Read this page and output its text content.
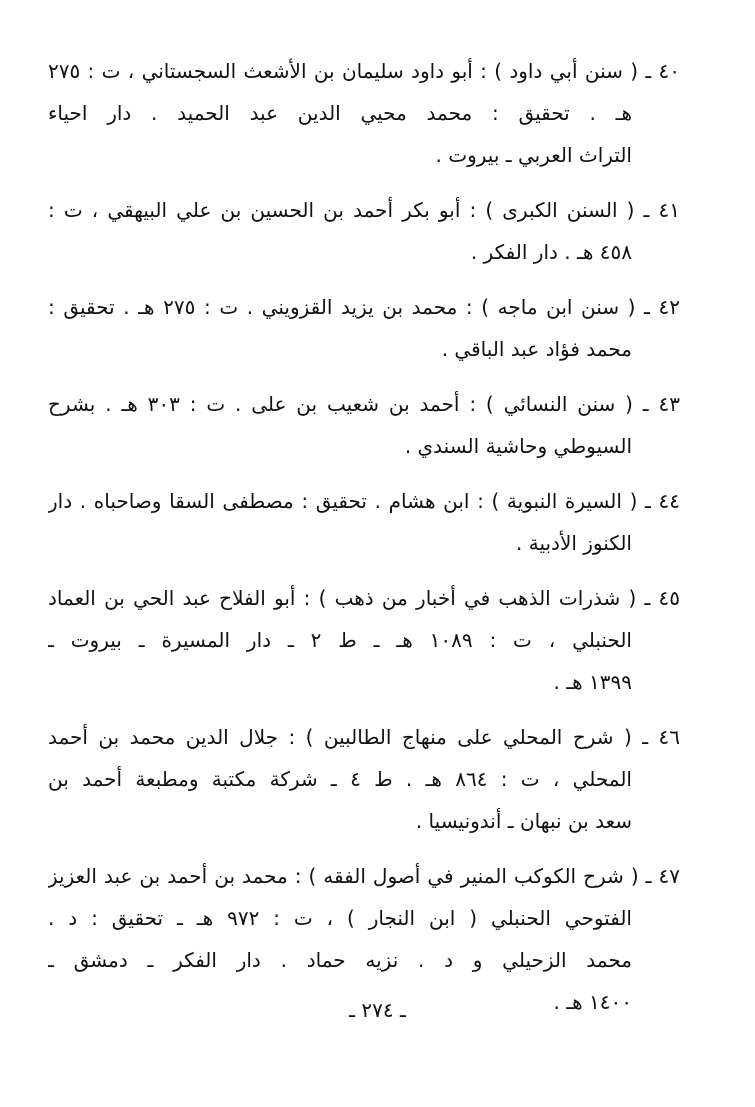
٤٠ ـ ( سنن أبي داود ) : أبو داود سليمان بن الأشعث السجستاني ، ت : ٢٧٥
هـ . تحقيق : محمد محيي الدين عبد الحميد . دار احياء
التراث العربي ـ بيروت .
٤١ ـ ( السنن الكبرى ) : أبو بكر أحمد بن الحسين بن علي البيهقي ، ت :
٤٥٨ هـ . دار الفكر .
٤٢ ـ ( سنن ابن ماجه ) : محمد بن يزيد القزويني . ت : ٢٧٥ هـ . تحقيق :
محمد فؤاد عبد الباقي .
٤٣ ـ ( سنن النسائي ) : أحمد بن شعيب بن على . ت : ٣٠٣ هـ . بشرح
السيوطي وحاشية السندي .
٤٤ ـ ( السيرة النبوية ) : ابن هشام . تحقيق : مصطفى السقا وصاحباه . دار
الكنوز الأدبية .
٤٥ ـ ( شذرات الذهب في أخبار من ذهب ) : أبو الفلاح عبد الحي بن العماد
الحنبلي ، ت : ١٠٨٩ هـ ـ ط ٢ ـ دار المسيرة ـ بيروت ـ
١٣٩٩ هـ .
٤٦ ـ ( شرح المحلي على منهاج الطالبين ) : جلال الدين محمد بن أحمد
المحلي ، ت : ٨٦٤ هـ . ط ٤ ـ شركة مكتبة ومطبعة أحمد بن
سعد بن نبهان ـ أندونيسيا .
٤٧ ـ ( شرح الكوكب المنير في أصول الفقه ) : محمد بن أحمد بن عبد العزيز
الفتوحي الحنبلي ( ابن النجار ) ، ت : ٩٧٢ هـ ـ تحقيق : د .
محمد الزحيلي و د . نزيه حماد . دار الفكر ـ دمشق ـ
١٤٠٠ هـ .
ـ ٢٧٤ ـ
